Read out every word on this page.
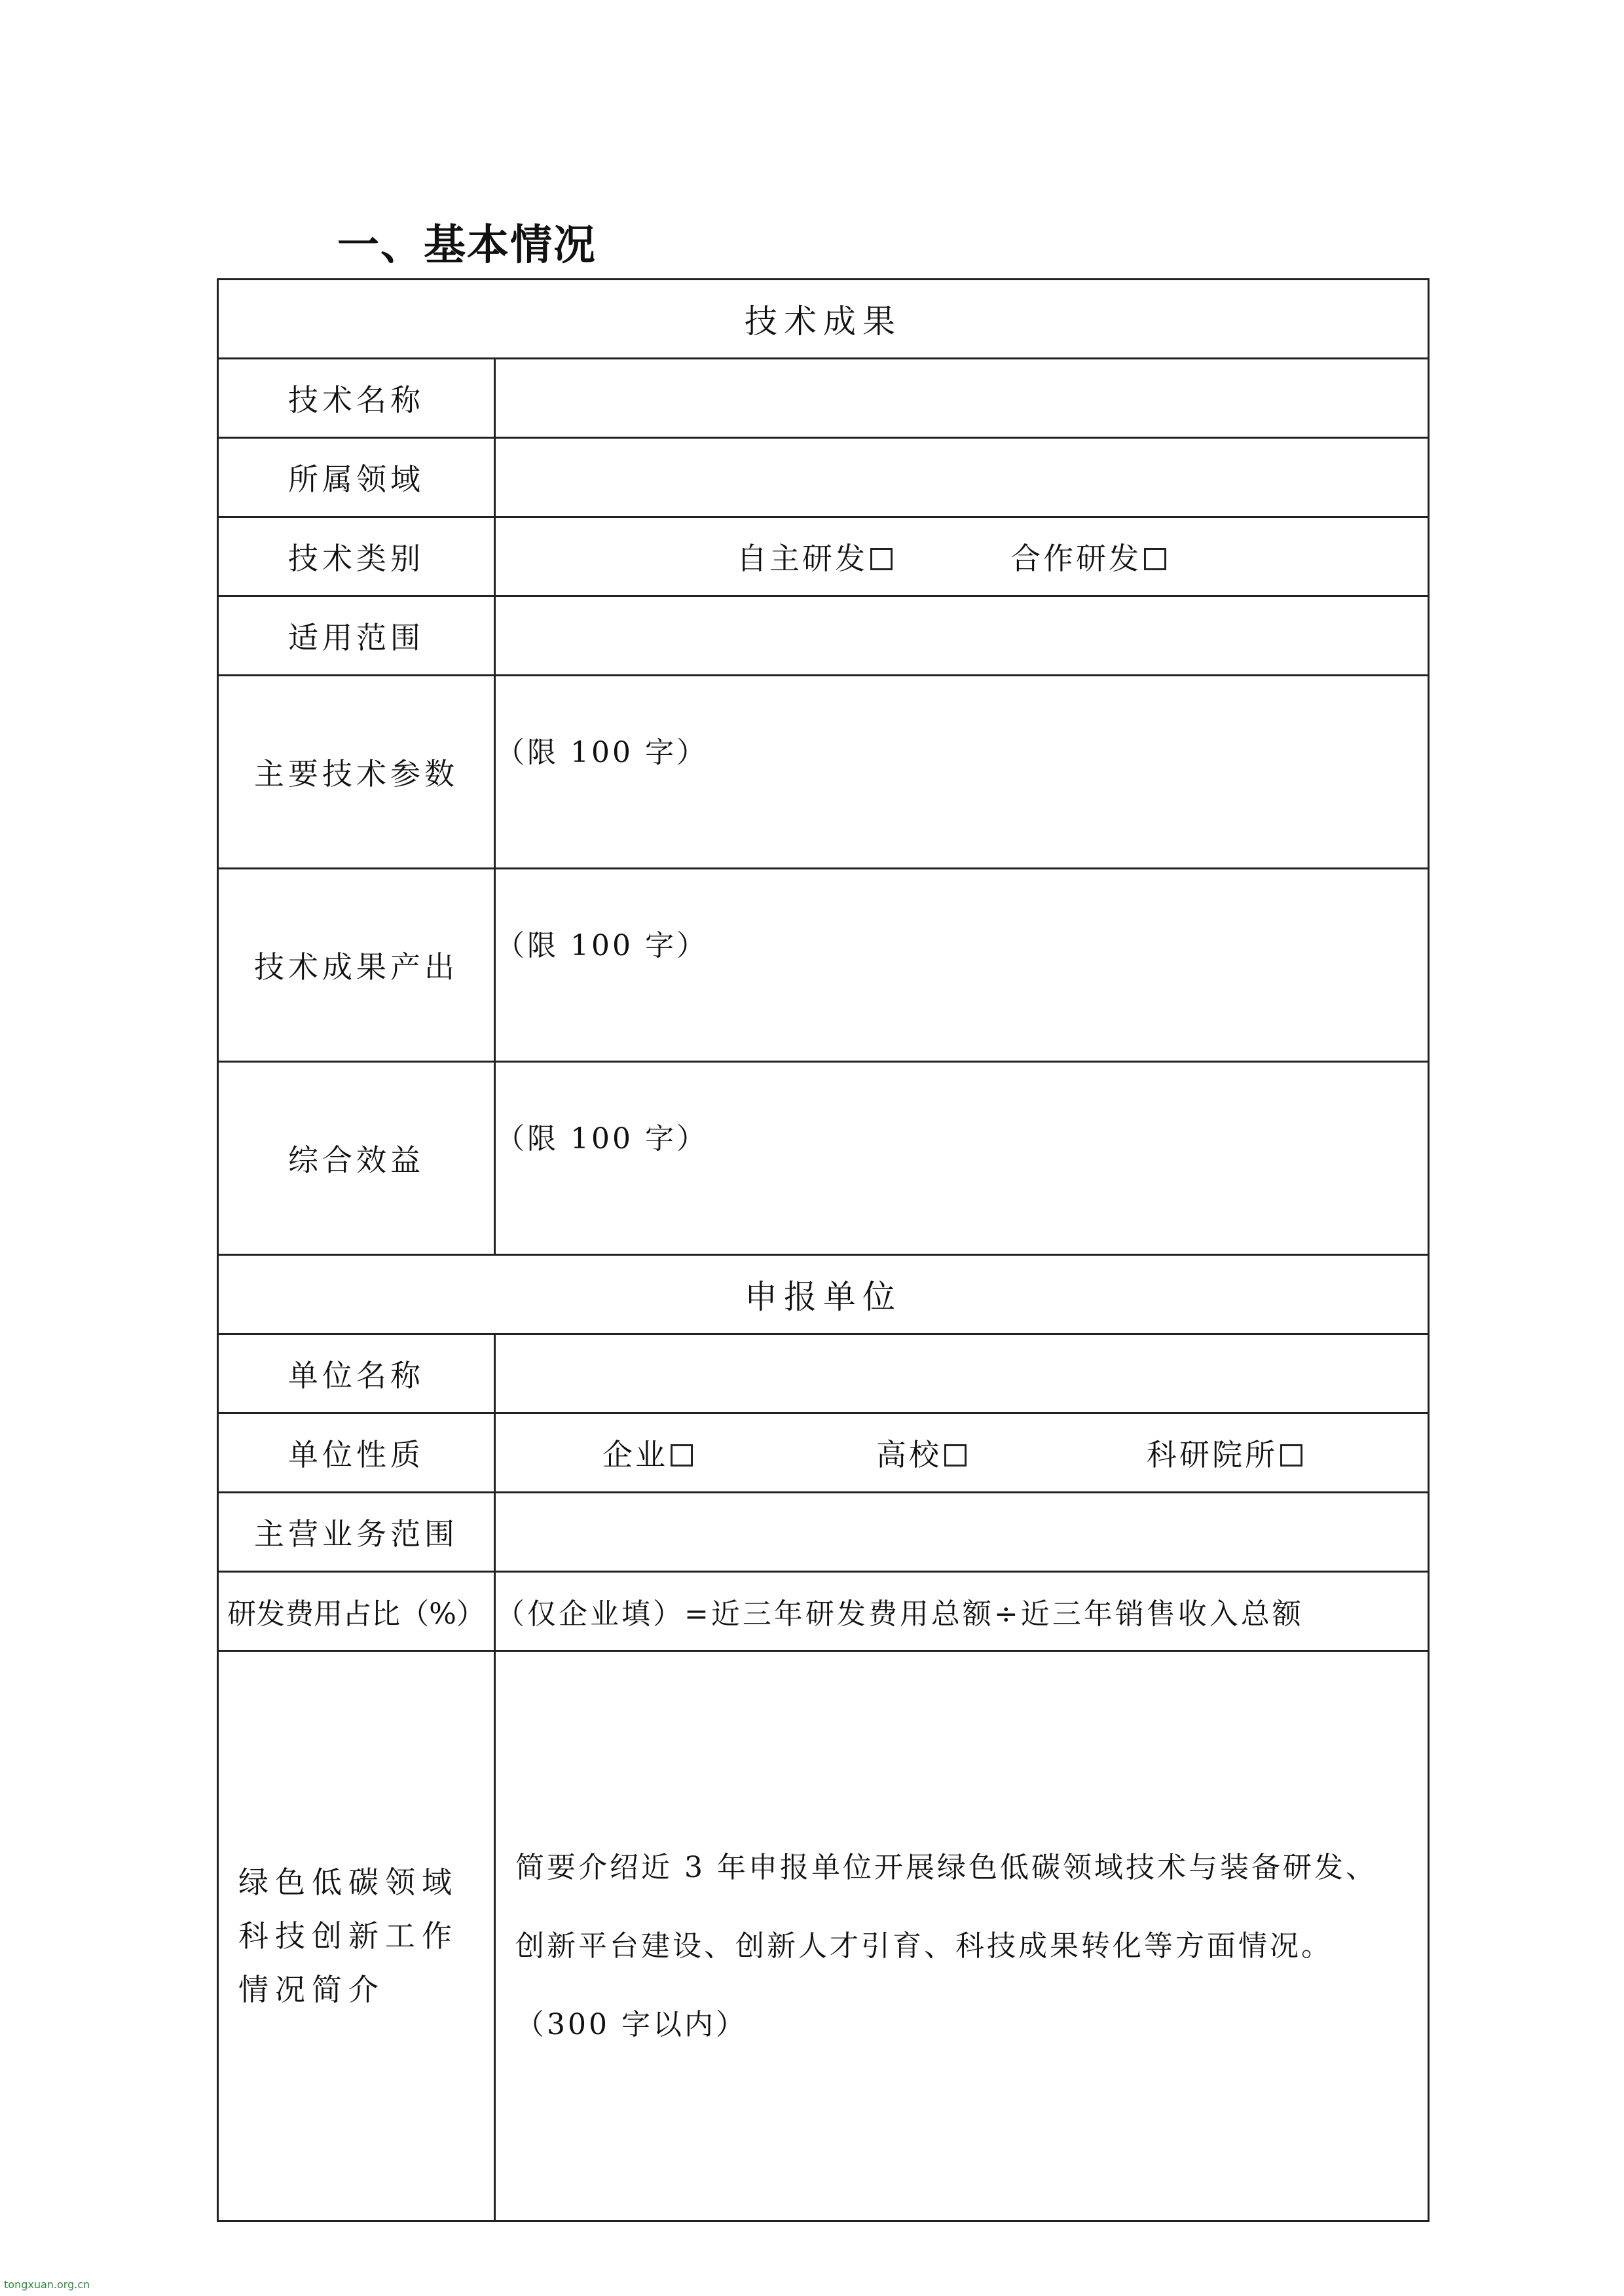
一、基本情况
技术成果	
技术名称	
所属领域	
技术类别	自主研发 合作研发

适用范围	
主要技术参数	（限 100 字）
技术成果产出	（限 100 字）
综合效益	（限 100 字）
申报单位	
单位名称	
单位性质	企业 高校 科研院所

主营业务范围	
研发费用占比（%）	（仅企业填）=近三年研发费用总额÷近三年销售收入总额
绿色低碳领域科技创新工作情况简介	简要介绍近 3 年申报单位开展绿色低碳领域技术与装备研发、创新平台建设、创新人才引育、科技成果转化等方面情况。

（300 字以内）

tongxuan.org.cn
